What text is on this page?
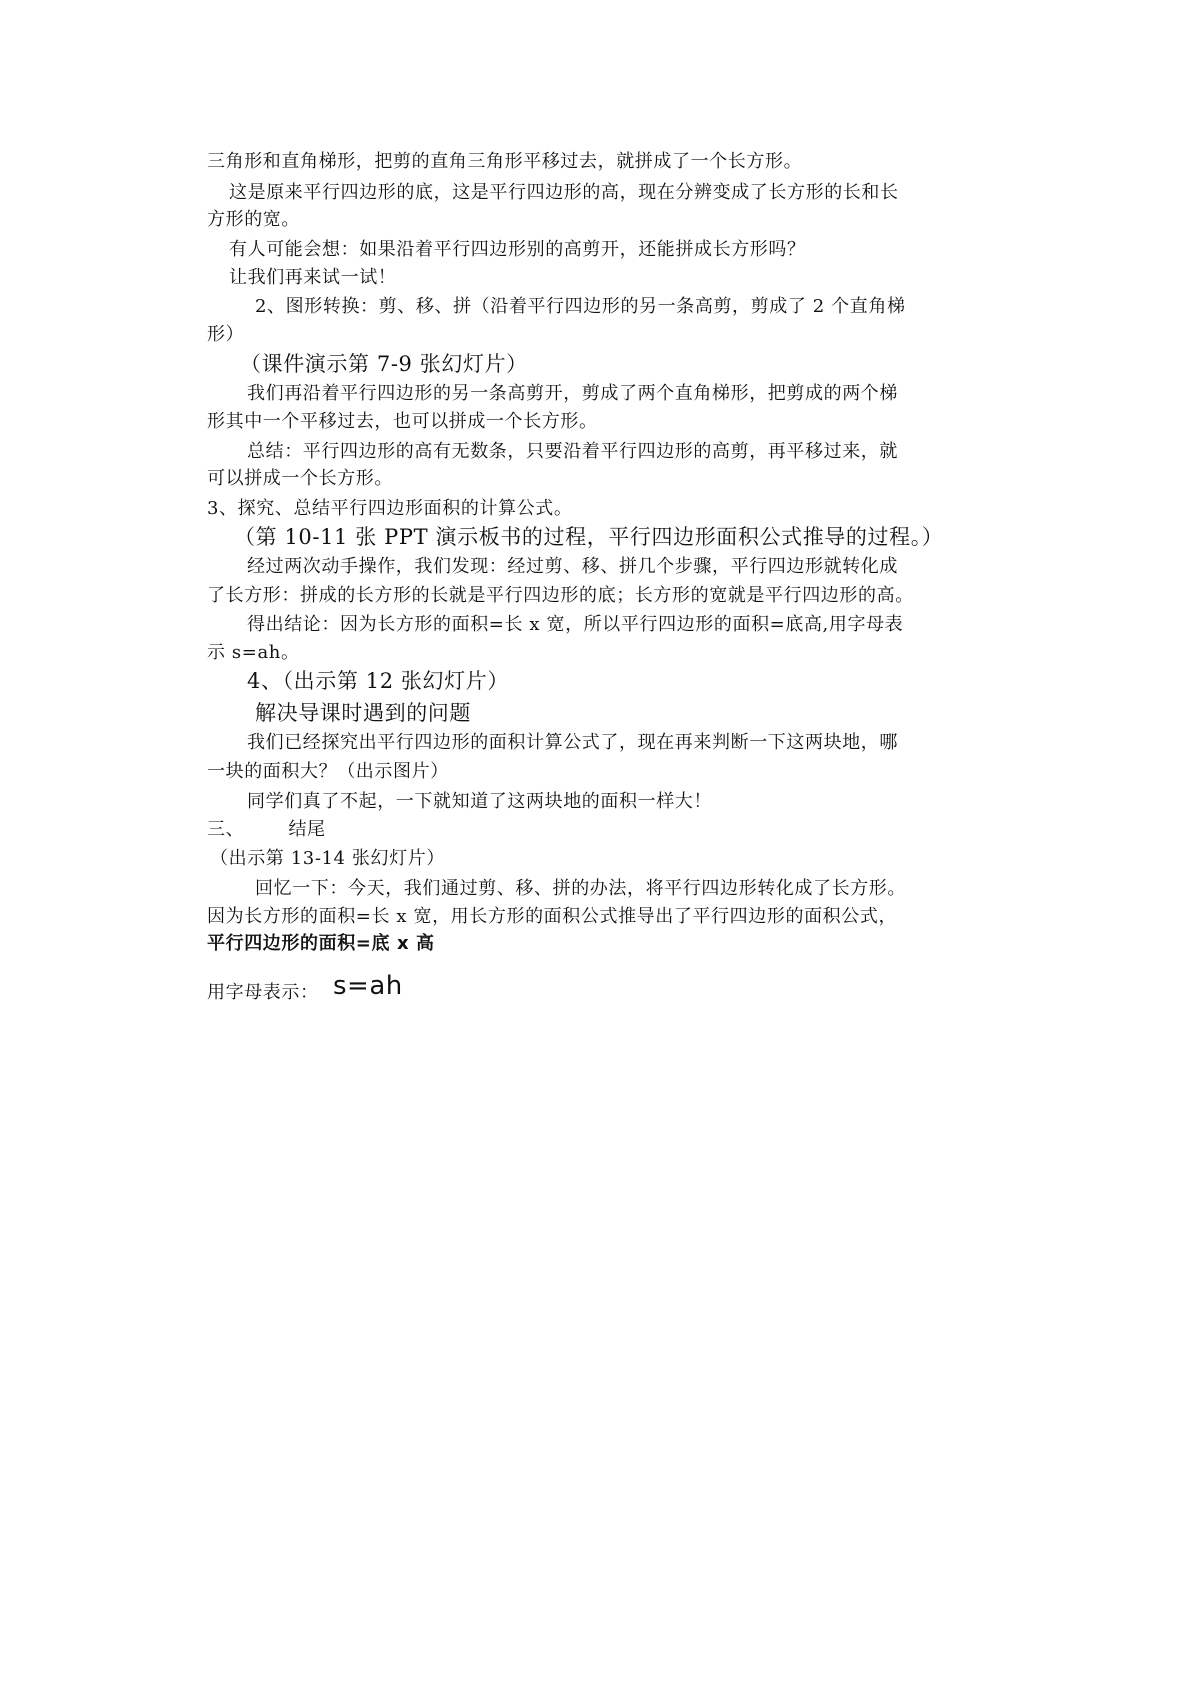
三角形和直角梯形，把剪的直角三角形平移过去，就拼成了一个长方形。
这是原来平行四边形的底，这是平行四边形的高，现在分辨变成了长方形的长和长
方形的宽。
有人可能会想：如果沿着平行四边形别的高剪开，还能拼成长方形吗？
让我们再来试一试！
2、图形转换：剪、移、拼（沿着平行四边形的另一条高剪，剪成了 2 个直角梯
形）
（课件演示第 7-9 张幻灯片）
我们再沿着平行四边形的另一条高剪开，剪成了两个直角梯形，把剪成的两个梯
形其中一个平移过去，也可以拼成一个长方形。
总结：平行四边形的高有无数条，只要沿着平行四边形的高剪，再平移过来，就
可以拼成一个长方形。
3、探究、总结平行四边形面积的计算公式。
（第 10-11 张 PPT 演示板书的过程，平行四边形面积公式推导的过程。）
经过两次动手操作，我们发现：经过剪、移、拼几个步骤，平行四边形就转化成
了长方形：拼成的长方形的长就是平行四边形的底；长方形的宽就是平行四边形的高。
得出结论：因为长方形的面积=长 x 宽，所以平行四边形的面积=底高,用字母表
示 s=ah。
4、（出示第 12 张幻灯片）
解决导课时遇到的问题
我们已经探究出平行四边形的面积计算公式了，现在再来判断一下这两块地，哪
一块的面积大？（出示图片）
同学们真了不起，一下就知道了这两块地的面积一样大！
三、       结尾
（出示第 13-14 张幻灯片）
回忆一下：今天，我们通过剪、移、拼的办法，将平行四边形转化成了长方形。
因为长方形的面积=长 x 宽，用长方形的面积公式推导出了平行四边形的面积公式，
平行四边形的面积=底 x 高
用字母表示： s=ah
